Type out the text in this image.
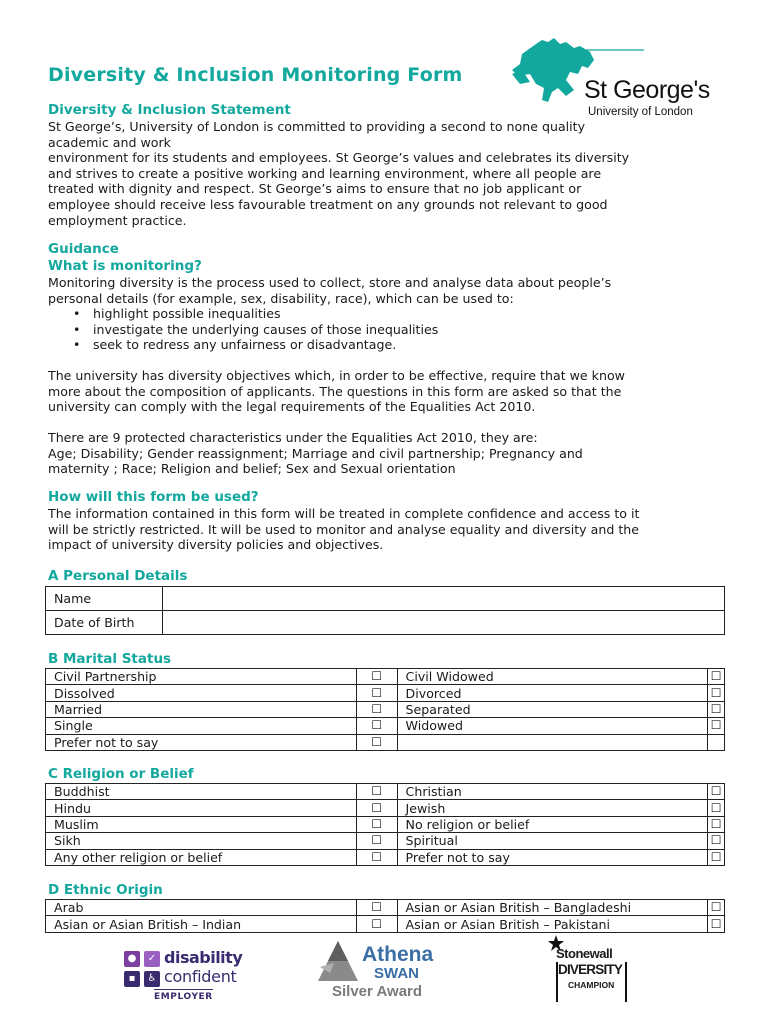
Diversity & Inclusion Monitoring Form
St George's
University of London
Diversity & Inclusion Statement
St George’s, University of London is committed to providing a second to none quality
academic and work
environment for its students and employees. St George’s values and celebrates its diversity
and strives to create a positive working and learning environment, where all people are
treated with dignity and respect. St George’s aims to ensure that no job applicant or
employee should receive less favourable treatment on any grounds not relevant to good
employment practice.
Guidance
What is monitoring?
Monitoring diversity is the process used to collect, store and analyse data about people’s
personal details (for example, sex, disability, race), which can be used to:
• highlight possible inequalities
• investigate the underlying causes of those inequalities
• seek to redress any unfairness or disadvantage.
The university has diversity objectives which, in order to be effective, require that we know
more about the composition of applicants. The questions in this form are asked so that the
university can comply with the legal requirements of the Equalities Act 2010.
There are 9 protected characteristics under the Equalities Act 2010, they are:
Age; Disability; Gender reassignment; Marriage and civil partnership; Pregnancy and
maternity ; Race; Religion and belief; Sex and Sexual orientation
How will this form be used?
The information contained in this form will be treated in complete confidence and access to it
will be strictly restricted. It will be used to monitor and analyse equality and diversity and the
impact of university diversity policies and objectives.
A Personal Details
Name	
Date of Birth	
B Marital Status
Civil Partnership	☐	Civil Widowed	☐
Dissolved	☐	Divorced	☐
Married	☐	Separated	☐
Single	☐	Widowed	☐
Prefer not to say	☐		
C Religion or Belief
Buddhist	☐	Christian	☐
Hindu	☐	Jewish	☐
Muslim	☐	No religion or belief	☐
Sikh	☐	Spiritual	☐
Any other religion or belief	☐	Prefer not to say	☐
D Ethnic Origin
Arab	☐	Asian or Asian British – Bangladeshi	☐
Asian or Asian British – Indian	☐	Asian or Asian British – Pakistani	☐
●	✓
▪	♿
disability
confident
EMPLOYER
Athena
SWAN
Silver Award
Stonewall
DIVERSITY
CHAMPION
